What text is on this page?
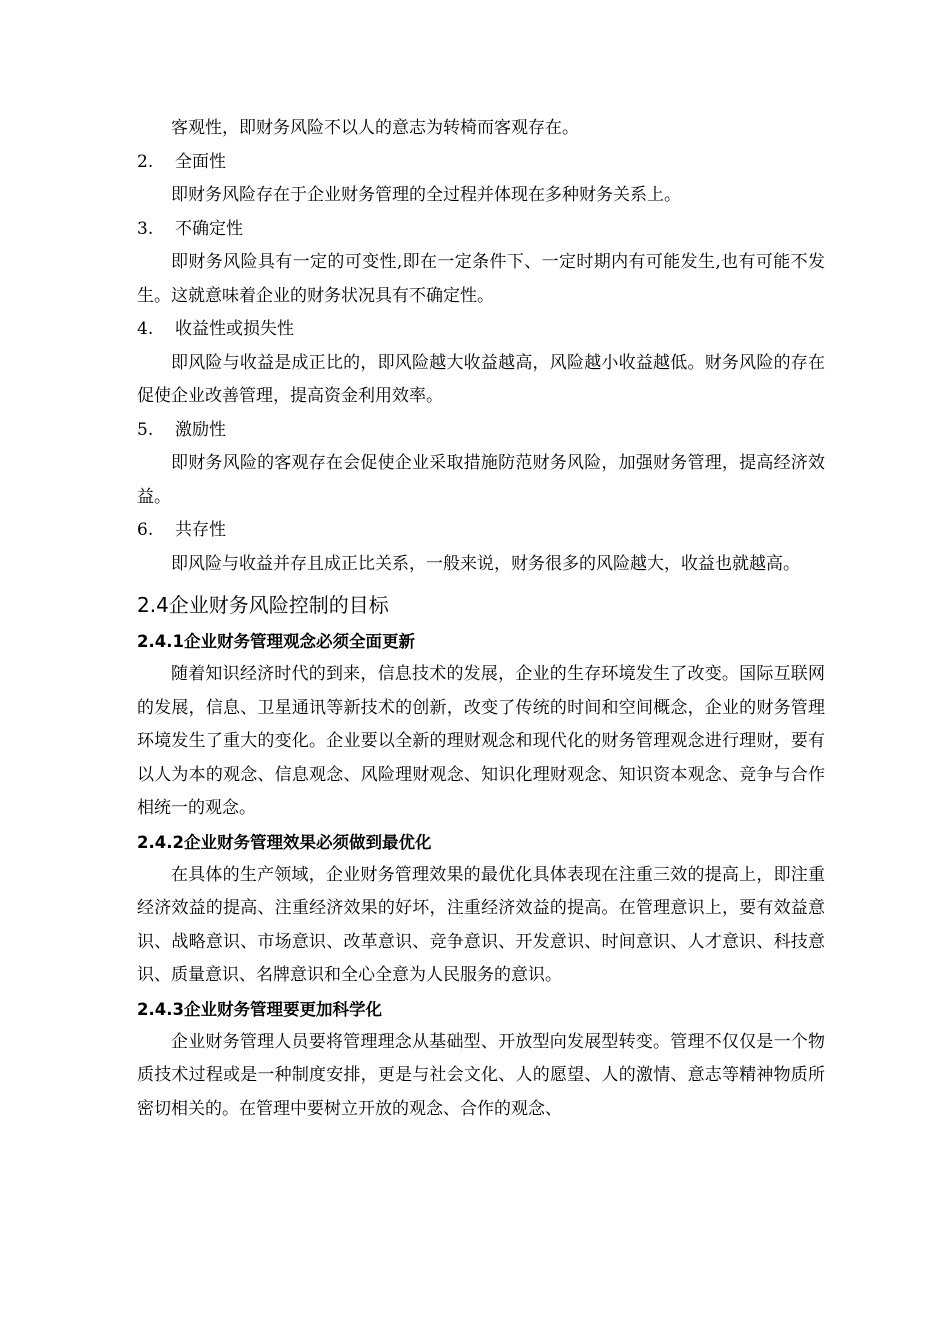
客观性，即财务风险不以人的意志为转椅而客观存在。

2.	全面性

即财务风险存在于企业财务管理的全过程并体现在多种财务关系上。

3.	不确定性

即财务风险具有一定的可变性,即在一定条件下、一定时期内有可能发生,也有可能不发生。这就意味着企业的财务状况具有不确定性。

4.	收益性或损失性

即风险与收益是成正比的，即风险越大收益越高，风险越小收益越低。财务风险的存在促使企业改善管理，提高资金利用效率。

5.	激励性

即财务风险的客观存在会促使企业采取措施防范财务风险，加强财务管理，提高经济效益。

6.	共存性

即风险与收益并存且成正比关系，一般来说，财务很多的风险越大，收益也就越高。

2.4企业财务风险控制的目标
2.4.1企业财务管理观念必须全面更新

随着知识经济时代的到来，信息技术的发展，企业的生存环境发生了改变。国际互联网的发展，信息、卫星通讯等新技术的创新，改变了传统的时间和空间概念，企业的财务管理环境发生了重大的变化。企业要以全新的理财观念和现代化的财务管理观念进行理财，要有以人为本的观念、信息观念、风险理财观念、知识化理财观念、知识资本观念、竞争与合作相统一的观念。

2.4.2企业财务管理效果必须做到最优化

在具体的生产领域，企业财务管理效果的最优化具体表现在注重三效的提高上，即注重经济效益的提高、注重经济效果的好坏，注重经济效益的提高。在管理意识上，要有效益意识、战略意识、市场意识、改革意识、竞争意识、开发意识、时间意识、人才意识、科技意识、质量意识、名牌意识和全心全意为人民服务的意识。

2.4.3企业财务管理要更加科学化

企业财务管理人员要将管理理念从基础型、开放型向发展型转变。管理不仅仅是一个物质技术过程或是一种制度安排，更是与社会文化、人的愿望、人的激情、意志等精神物质所密切相关的。在管理中要树立开放的观念、合作的观念、
